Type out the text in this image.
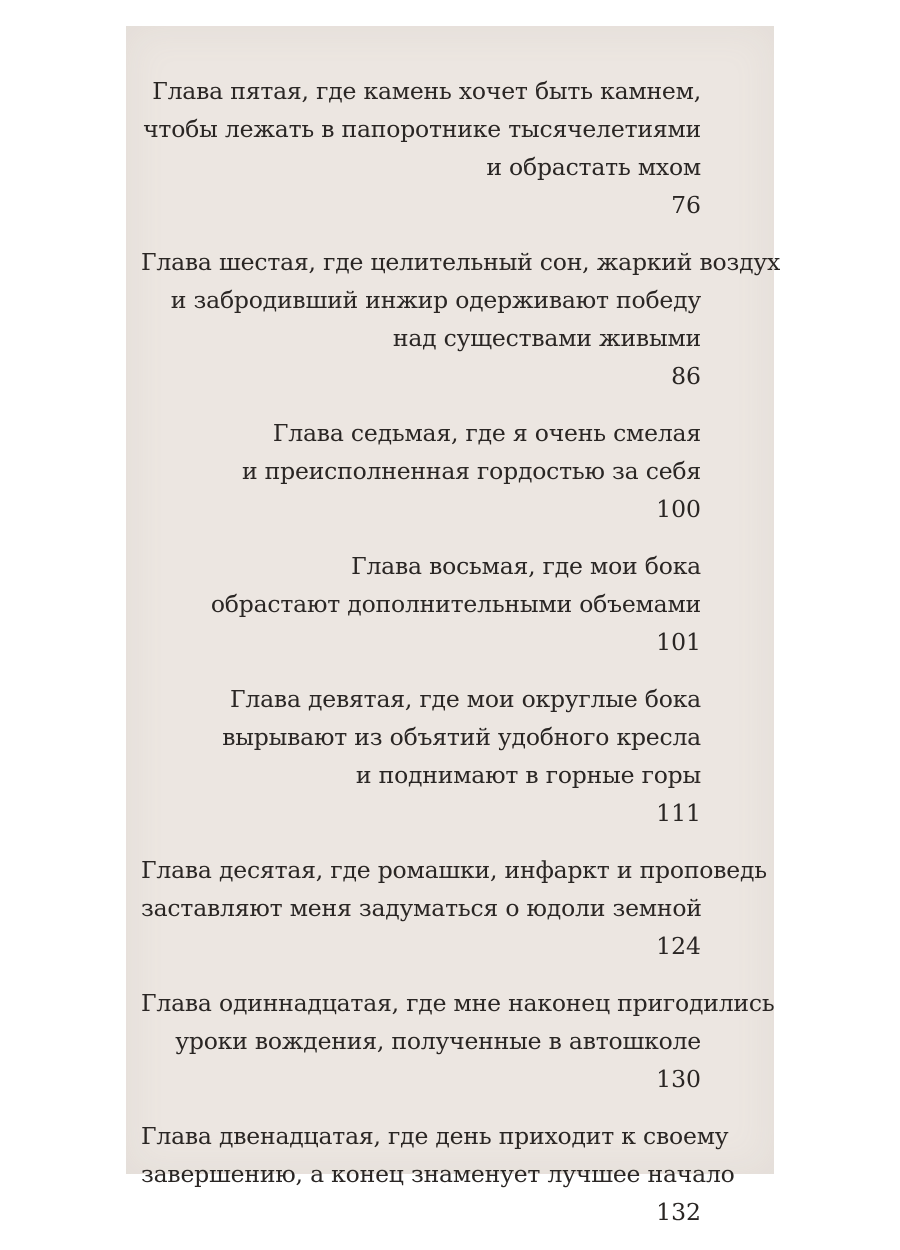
Глава пятая, где камень хочет быть камнем,
чтобы лежать в папоротнике тысячелетиями
и обрастать мхом
76
Глава шестая, где целительный сон, жаркий воздух
и забродивший инжир одерживают победу
над существами живыми
86
Глава седьмая, где я очень смелая
и преисполненная гордостью за себя
100
Глава восьмая, где мои бока
обрастают дополнительными объемами
101
Глава девятая, где мои округлые бока
вырывают из объятий удобного кресла
и поднимают в горные горы
111
Глава десятая, где ромашки, инфаркт и проповедь
заставляют меня задуматься о юдоли земной
124
Глава одиннадцатая, где мне наконец пригодились
уроки вождения, полученные в автошколе
130
Глава двенадцатая, где день приходит к своему
завершению, а конец знаменует лучшее начало
132
